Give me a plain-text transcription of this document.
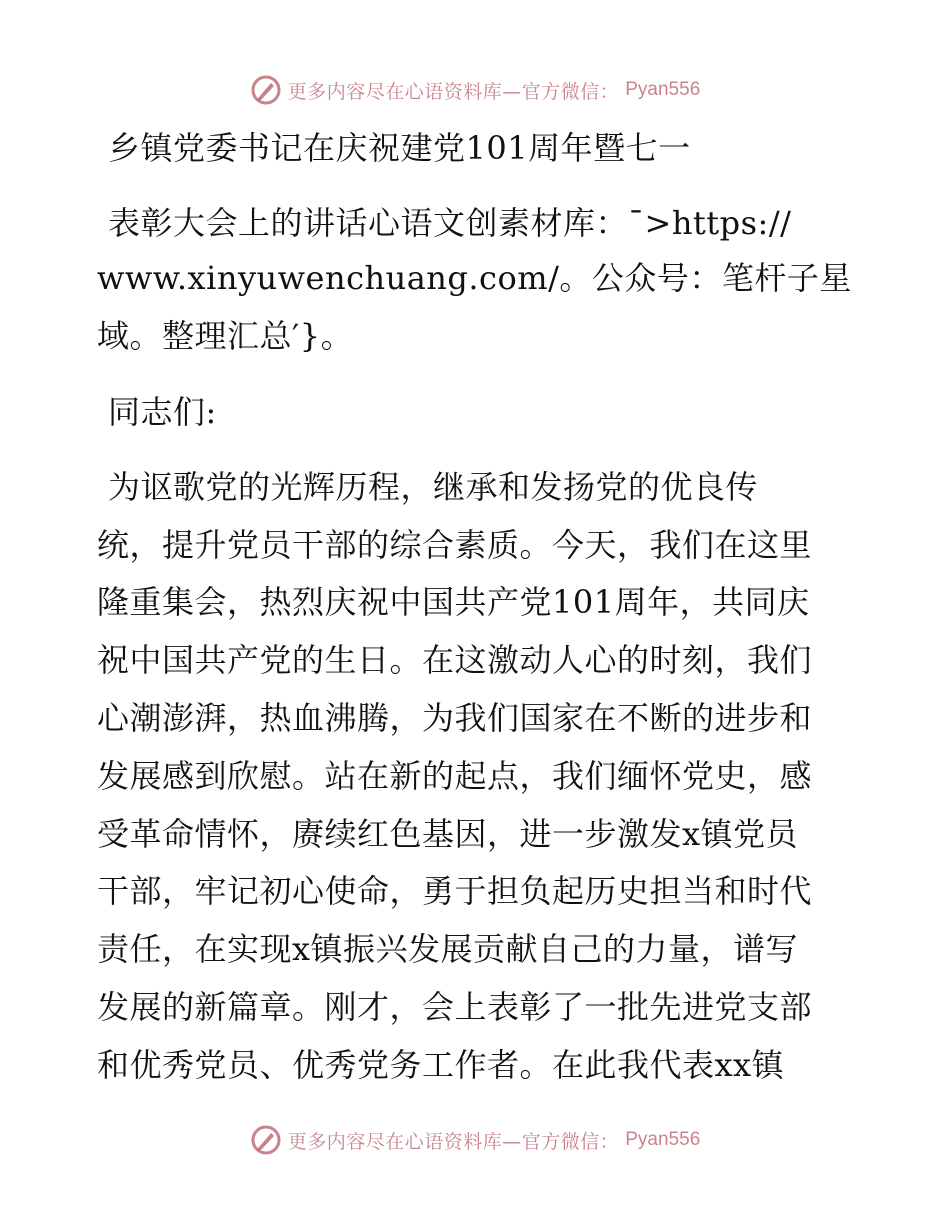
更多内容尽在心语资料库—官方微信： Pyan556
乡镇党委书记在庆祝建党101周年暨七一
表彰大会上的讲话心语文创素材库：¯>https://
www.xinyuwenchuang.com/。公众号：笔杆子星
域。整理汇总′}。
同志们:
为讴歌党的光辉历程，继承和发扬党的优良传
统，提升党员干部的综合素质。今天，我们在这里
隆重集会，热烈庆祝中国共产党101周年，共同庆
祝中国共产党的生日。在这激动人心的时刻，我们
心潮澎湃，热血沸腾，为我们国家在不断的进步和
发展感到欣慰。站在新的起点，我们缅怀党史，感
受革命情怀，赓续红色基因，进一步激发x镇党员
干部，牢记初心使命，勇于担负起历史担当和时代
责任，在实现x镇振兴发展贡献自己的力量，谱写
发展的新篇章。刚才，会上表彰了一批先进党支部
和优秀党员、优秀党务工作者。在此我代表xx镇
更多内容尽在心语资料库—官方微信： Pyan556
